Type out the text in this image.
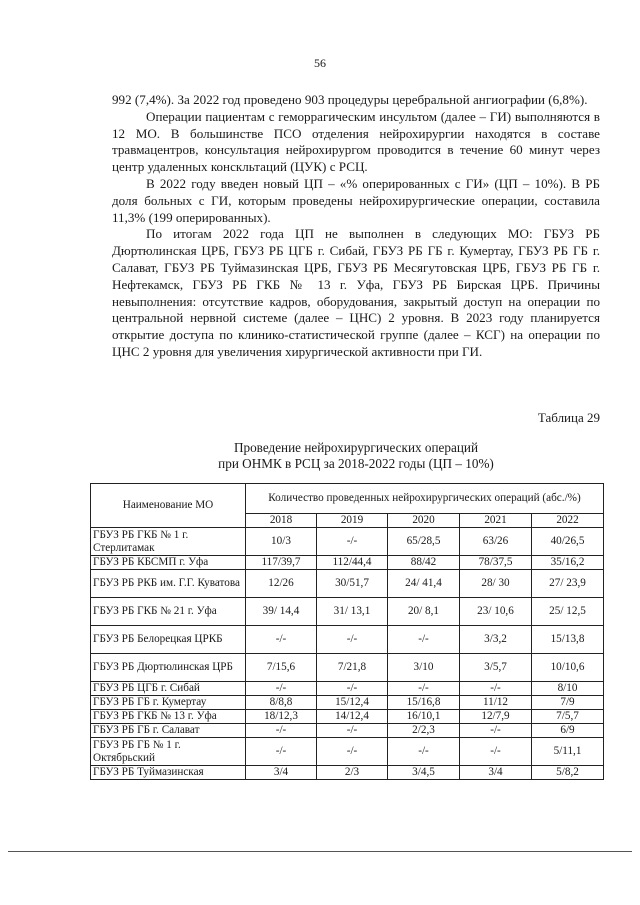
56

992 (7,4%). За 2022 год проведено 903 процедуры церебральной ангиографии (6,8%).

Операции пациентам с геморрагическим инсультом (далее – ГИ) выполняются в 12 МО. В большинстве ПСО отделения нейрохирургии находятся в составе травмацентров, консультация нейрохирургом проводится в течение 60 минут через центр удаленных конскльтаций (ЦУК) с РСЦ.

В 2022 году введен новый ЦП – «% оперированных с ГИ» (ЦП – 10%). В РБ доля больных с ГИ, которым проведены нейрохирургические операции, составила 11,3% (199 оперированных).

По итогам 2022 года ЦП не выполнен в следующих МО: ГБУЗ РБ Дюртюлинская ЦРБ, ГБУЗ РБ ЦГБ г. Сибай, ГБУЗ РБ ГБ г. Кумертау, ГБУЗ РБ ГБ г. Салават, ГБУЗ РБ Туймазинская ЦРБ, ГБУЗ РБ Месягутовская ЦРБ, ГБУЗ РБ ГБ г. Нефтекамск, ГБУЗ РБ ГКБ № 13 г. Уфа, ГБУЗ РБ Бирская ЦРБ. Причины невыполнения: отсутствие кадров, оборудования, закрытый доступ на операции по центральной нервной системе (далее – ЦНС) 2 уровня. В 2023 году планируется открытие доступа по клинико-статистической группе (далее – КСГ) на операции по ЦНС 2 уровня для увеличения хирургической активности при ГИ.

Таблица 29
Проведение нейрохирургических операций
при ОНМК в РСЦ за 2018-2022 годы (ЦП – 10%)
Наименование МО	Количество проведенных нейрохирургических операций (абс./%)				
	2018	2019	2020	2021	2022
ГБУЗ РБ ГКБ № 1 г. Стерлитамак	10/3	-/-	65/28,5	63/26	40/26,5
ГБУЗ РБ КБСМП г. Уфа	117/39,7	112/44,4	88/42	78/37,5	35/16,2
ГБУЗ РБ РКБ им. Г.Г. Куватова	12/26	30/51,7	24/ 41,4	28/ 30	27/ 23,9
ГБУЗ РБ ГКБ № 21 г. Уфа	39/ 14,4	31/ 13,1	20/ 8,1	23/ 10,6	25/ 12,5
ГБУЗ РБ Белорецкая ЦРКБ	-/-	-/-	-/-	3/3,2	15/13,8
ГБУЗ РБ Дюртюлинская ЦРБ	7/15,6	7/21,8	3/10	3/5,7	10/10,6
ГБУЗ РБ ЦГБ г. Сибай	-/-	-/-	-/-	-/-	8/10
ГБУЗ РБ ГБ г. Кумертау	8/8,8	15/12,4	15/16,8	11/12	7/9
ГБУЗ РБ ГКБ № 13 г. Уфа	18/12,3	14/12,4	16/10,1	12/7,9	7/5,7
ГБУЗ РБ ГБ г. Салават	-/-	-/-	2/2,3	-/-	6/9
ГБУЗ РБ ГБ № 1 г. Октябрьский	-/-	-/-	-/-	-/-	5/11,1
ГБУЗ РБ Туймазинская	3/4	2/3	3/4,5	3/4	5/8,2
